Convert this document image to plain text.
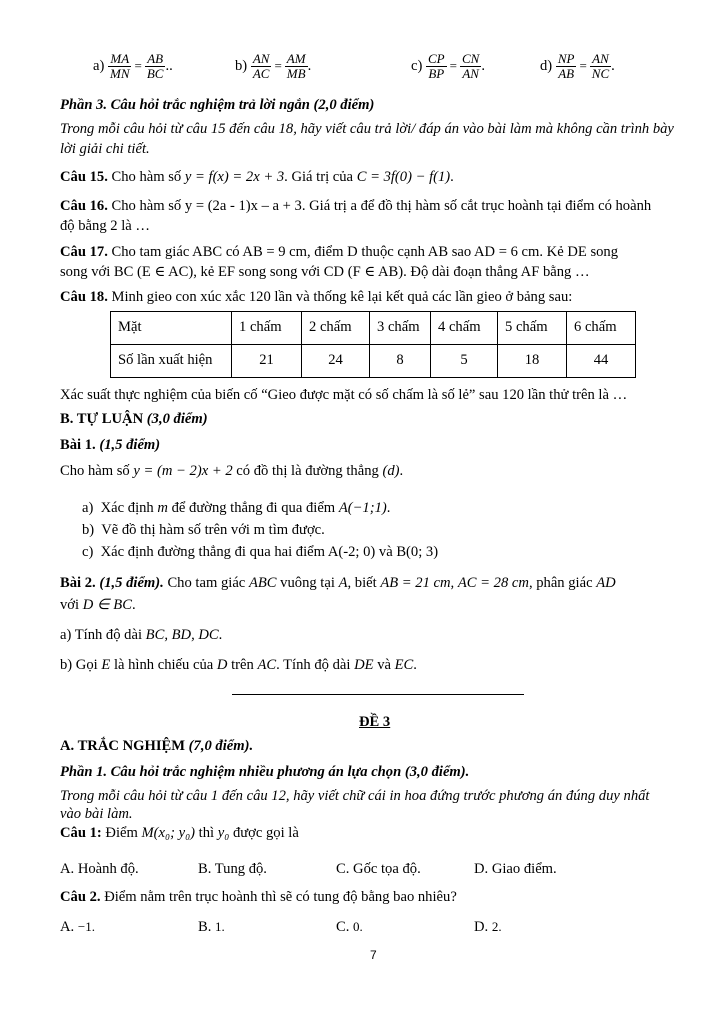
$a) \frac{MA}{MN} = \frac{AB}{BC}$ ..	$b) \frac{AN}{AC} = \frac{AM}{MB}$ .	$c) \frac{CP}{BP} = \frac{CN}{AN}$ .	$d) \frac{NP}{AB} = \frac{AN}{NC}$ .

Phần 3. Câu hỏi trắc nghiệm trả lời ngắn (2,0 điểm)

Trong mỗi câu hỏi từ câu 15 đến câu 18, hãy viết câu trả lời/ đáp án vào bài làm mà không cần trình bày

lời giải chi tiết.

Câu 15. Cho hàm số y = f(x) = 2x + 3. Giá trị của C = 3f(0) − f(1).

Câu 16. Cho hàm số y = (2a - 1)x – a + 3. Giá trị a để đồ thị hàm số cắt trục hoành tại điểm có hoành

độ bằng 2 là …

Câu 17. Cho tam giác ABC có AB = 9 cm, điểm D thuộc cạnh AB sao AD = 6 cm. Kẻ DE song

song với BC (E ∈ AC), kẻ EF song song với CD (F ∈ AB). Độ dài đoạn thẳng AF bằng …

Câu 18. Minh gieo con xúc xắc 120 lần và thống kê lại kết quả các lần gieo ở bảng sau:

Mặt	1 chấm	2 chấm	3 chấm	4 chấm	5 chấm	6 chấm
Số lần xuất hiện	21	24	8	5	18	44

Xác suất thực nghiệm của biến cố “Gieo được mặt có số chấm là số lẻ” sau 120 lần thử trên là …

B. TỰ LUẬN (3,0 điểm)

Bài 1. (1,5 điểm)

Cho hàm số y = (m − 2)x + 2 có đồ thị là đường thẳng (d).

a) Xác định m để đường thẳng đi qua điểm A(−1;1).
b) Vẽ đồ thị hàm số trên với m tìm được.
c) Xác định đường thẳng đi qua hai điểm A(-2; 0) và B(0; 3)

Bài 2. (1,5 điểm). Cho tam giác ABC vuông tại A, biết AB = 21 cm, AC = 28 cm, phân giác AD

với D ∈ BC.

a) Tính độ dài BC, BD, DC.

b) Gọi E là hình chiếu của D trên AC. Tính độ dài DE và EC.

ĐỀ 3

A. TRẮC NGHIỆM (7,0 điểm).

Phần 1. Câu hỏi trắc nghiệm nhiều phương án lựa chọn (3,0 điểm).

Trong mỗi câu hỏi từ câu 1 đến câu 12, hãy viết chữ cái in hoa đứng trước phương án đúng duy nhất

vào bài làm.

Câu 1: Điểm M(x₀; y₀) thì y₀ được gọi là

A. Hoành độ.	B. Tung độ.	C. Gốc tọa độ.	D. Giao điểm.

Câu 2. Điểm nằm trên trục hoành thì sẽ có tung độ bằng bao nhiêu?

A. −1.	B. 1.	C. 0.	D. 2.

7
